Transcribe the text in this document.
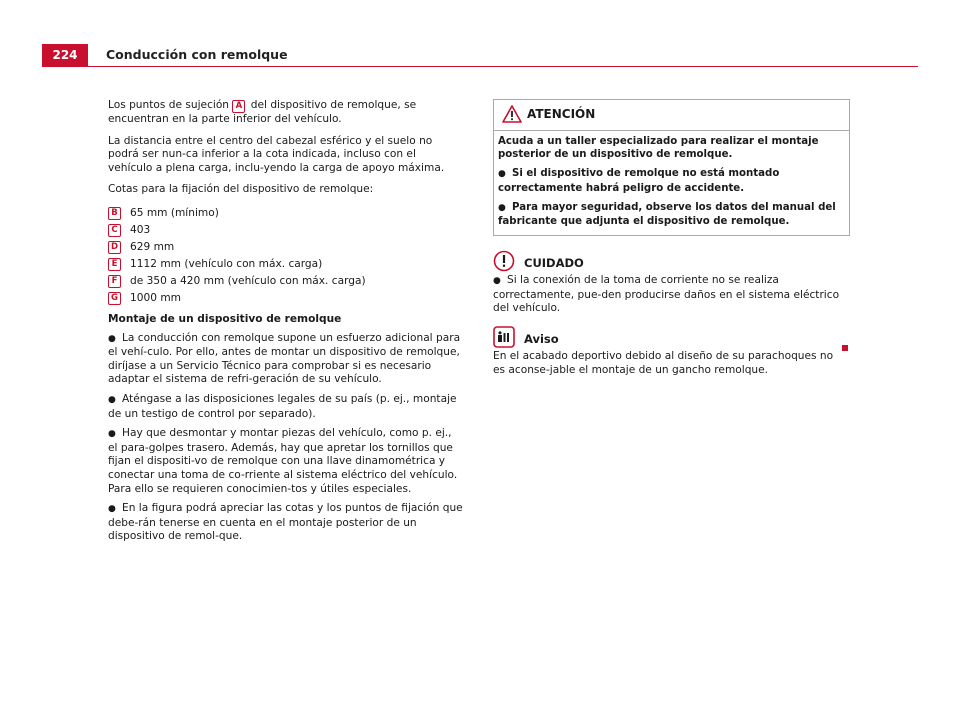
224	Conducción con remolque

Los puntos de sujeción A del dispositivo de remolque, se encuentran en la parte inferior del vehículo.

La distancia entre el centro del cabezal esférico y el suelo no podrá ser nun-ca inferior a la cota indicada, incluso con el vehículo a plena carga, inclu-yendo la carga de apoyo máxima.

Cotas para la fijación del dispositivo de remolque:

B	65 mm (mínimo)
C	403
D 629 mm
E	1112 mm (vehículo con máx. carga)
F	de 350 a 420 mm (vehículo con máx. carga)
G 1000 mm
Montaje de un dispositivo de remolque

● La conducción con remolque supone un esfuerzo adicional para el vehí-culo. Por ello, antes de montar un dispositivo de remolque, diríjase a un Servicio Técnico para comprobar si es necesario adaptar el sistema de refri-geración de su vehículo.

● Aténgase a las disposiciones legales de su país (p. ej., montaje de un testigo de control por separado).

● Hay que desmontar y montar piezas del vehículo, como p. ej., el para-golpes trasero. Además, hay que apretar los tornillos que fijan el dispositi-vo de remolque con una llave dinamométrica y conectar una toma de co-rriente al sistema eléctrico del vehículo. Para ello se requieren conocimien-tos y útiles especiales.

● En la figura podrá apreciar las cotas y los puntos de fijación que debe-rán tenerse en cuenta en el montaje posterior de un dispositivo de remol-que.

ATENCIÓN

Acuda a un taller especializado para realizar el montaje posterior de un dispositivo de remolque.

● Si el dispositivo de remolque no está montado correctamente habrá peligro de accidente.

● Para mayor seguridad, observe los datos del manual del fabricante que adjunta el dispositivo de remolque.

CUIDADO

● Si la conexión de la toma de corriente no se realiza correctamente, pue-den producirse daños en el sistema eléctrico del vehículo.

Aviso

En el acabado deportivo debido al diseño de su parachoques no es aconse-jable el montaje de un gancho remolque.
